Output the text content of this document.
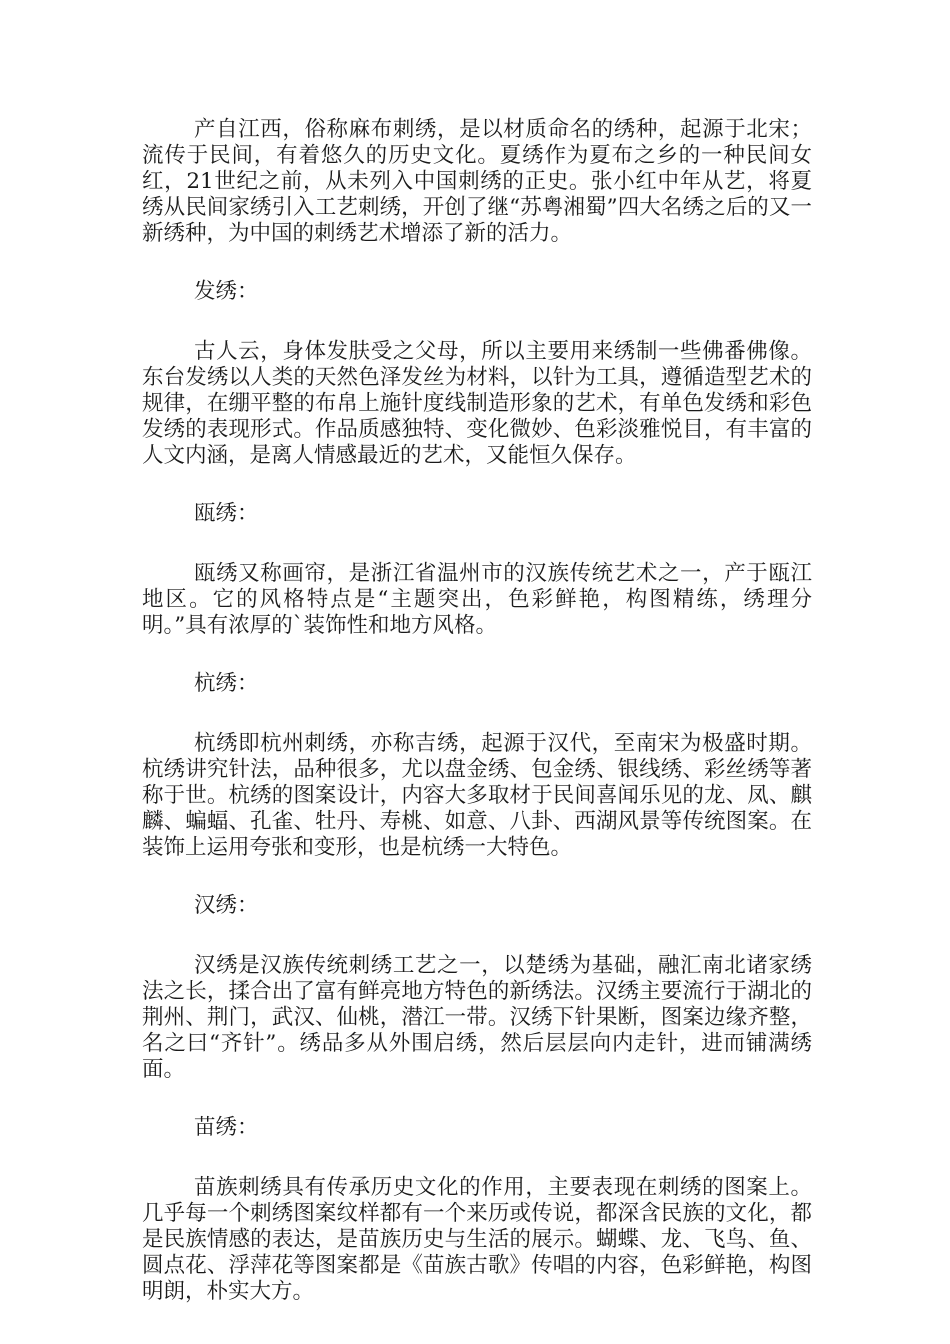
产自江西，俗称麻布刺绣，是以材质命名的绣种，起源于北宋；流传于民间，有着悠久的历史文化。夏绣作为夏布之乡的一种民间女红，21世纪之前，从未列入中国刺绣的正史。张小红中年从艺，将夏绣从民间家绣引入工艺刺绣，开创了继“苏粤湘蜀”四大名绣之后的又一新绣种，为中国的刺绣艺术增添了新的活力。

发绣：

古人云，身体发肤受之父母，所以主要用来绣制一些佛番佛像。东台发绣以人类的天然色泽发丝为材料，以针为工具，遵循造型艺术的规律，在绷平整的布帛上施针度线制造形象的艺术，有单色发绣和彩色发绣的表现形式。作品质感独特、变化微妙、色彩淡雅悦目，有丰富的人文内涵，是离人情感最近的艺术，又能恒久保存。

瓯绣：

瓯绣又称画帘，是浙江省温州市的汉族传统艺术之一，产于瓯江地区。它的风格特点是“主题突出，色彩鲜艳，构图精练，绣理分明。”具有浓厚的`装饰性和地方风格。

杭绣：

杭绣即杭州刺绣，亦称吉绣，起源于汉代，至南宋为极盛时期。杭绣讲究针法，品种很多，尤以盘金绣、包金绣、银线绣、彩丝绣等著称于世。杭绣的图案设计，内容大多取材于民间喜闻乐见的龙、凤、麒麟、蝙蝠、孔雀、牡丹、寿桃、如意、八卦、西湖风景等传统图案。在装饰上运用夸张和变形，也是杭绣一大特色。

汉绣：

汉绣是汉族传统刺绣工艺之一，以楚绣为基础，融汇南北诸家绣法之长，揉合出了富有鲜亮地方特色的新绣法。汉绣主要流行于湖北的荆州、荆门，武汉、仙桃，潜江一带。汉绣下针果断，图案边缘齐整，名之曰“齐针”。绣品多从外围启绣，然后层层向内走针，进而铺满绣面。

苗绣：

苗族刺绣具有传承历史文化的作用，主要表现在刺绣的图案上。几乎每一个刺绣图案纹样都有一个来历或传说，都深含民族的文化，都是民族情感的表达，是苗族历史与生活的展示。蝴蝶、龙、飞鸟、鱼、圆点花、浮萍花等图案都是《苗族古歌》传唱的内容，色彩鲜艳，构图明朗，朴实大方。
